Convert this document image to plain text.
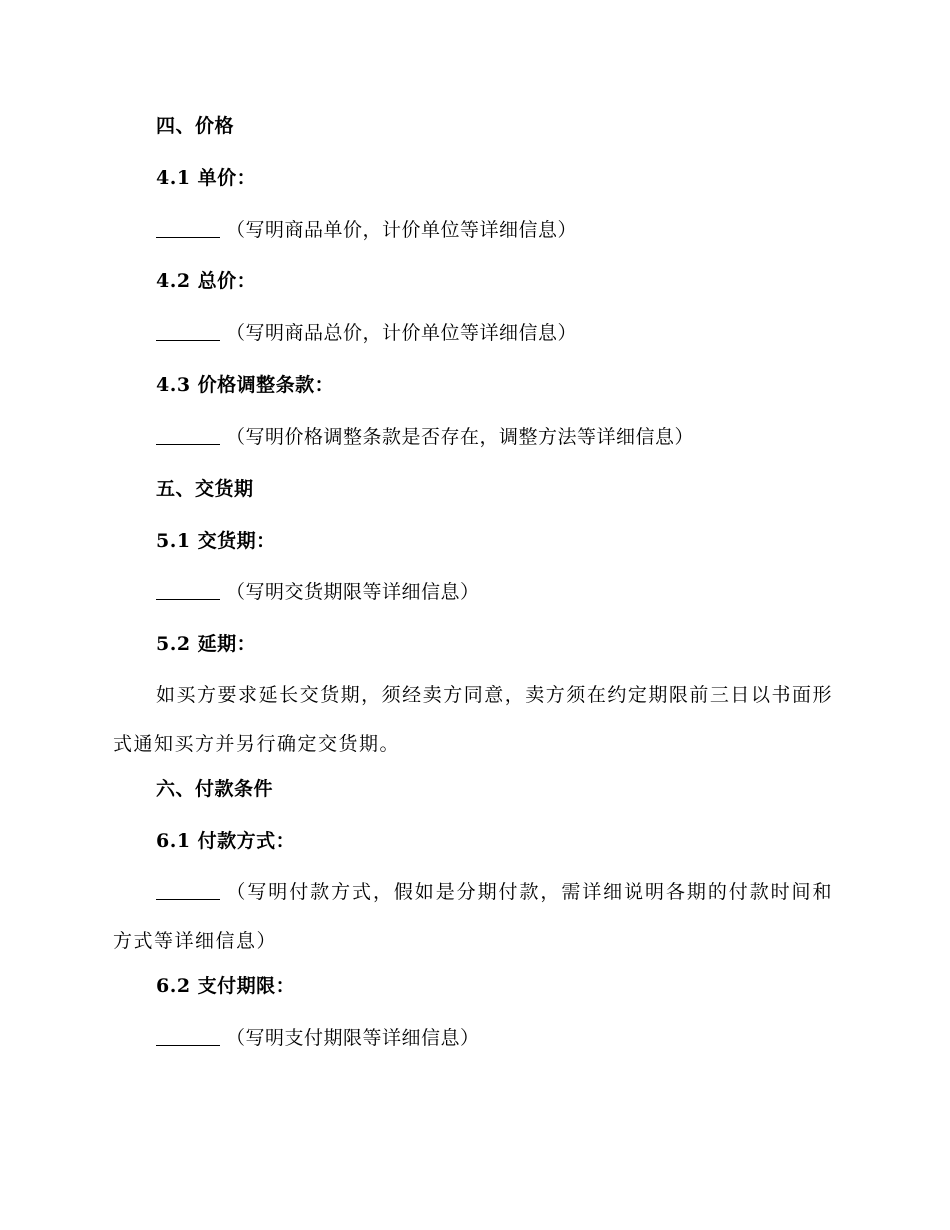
四、价格
4.1 单价：
（写明商品单价，计价单位等详细信息）
4.2 总价：
（写明商品总价，计价单位等详细信息）
4.3 价格调整条款：
（写明价格调整条款是否存在，调整方法等详细信息）
五、交货期
5.1 交货期：
（写明交货期限等详细信息）
5.2 延期：
如买方要求延长交货期，须经卖方同意，卖方须在约定期限前三日以书面形式通知买方并另行确定交货期。
六、付款条件
6.1 付款方式：
（写明付款方式，假如是分期付款，需详细说明各期的付款时间和方式等详细信息）
6.2 支付期限：
（写明支付期限等详细信息）
